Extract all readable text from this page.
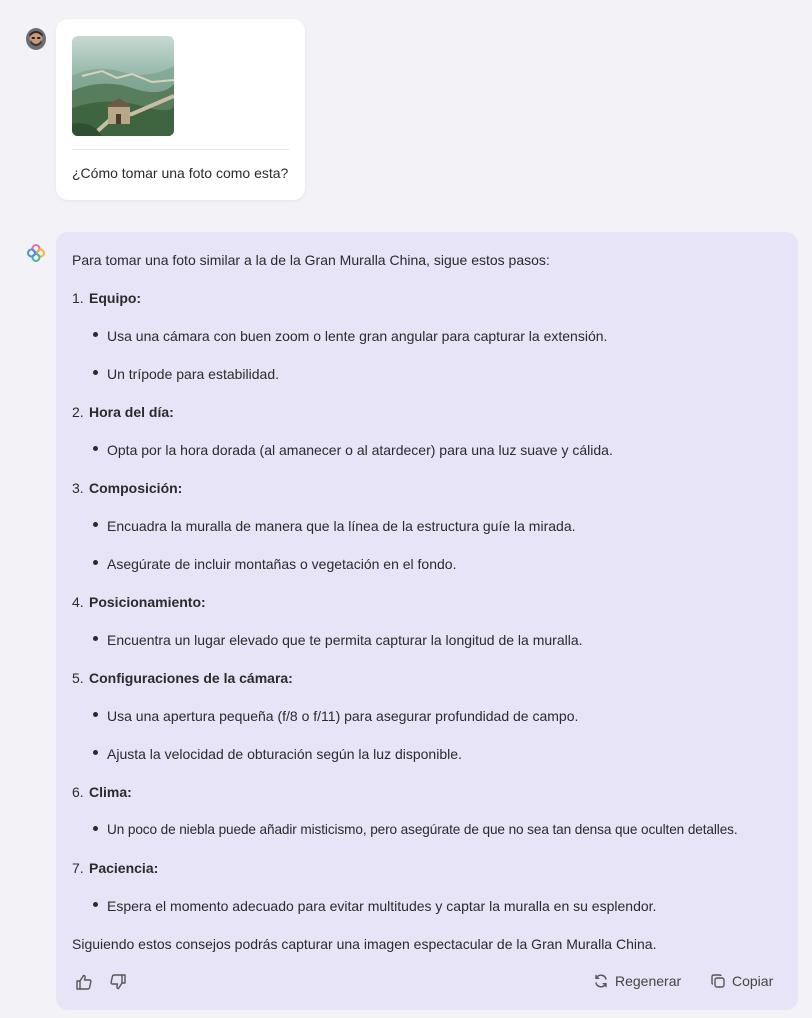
¿Cómo tomar una foto como esta?
Para tomar una foto similar a la de la Gran Muralla China, sigue estos pasos:
1. Equipo:
Usa una cámara con buen zoom o lente gran angular para capturar la extensión.
Un trípode para estabilidad.
2. Hora del día:
Opta por la hora dorada (al amanecer o al atardecer) para una luz suave y cálida.
3. Composición:
Encuadra la muralla de manera que la línea de la estructura guíe la mirada.
Asegúrate de incluir montañas o vegetación en el fondo.
4. Posicionamiento:
Encuentra un lugar elevado que te permita capturar la longitud de la muralla.
5. Configuraciones de la cámara:
Usa una apertura pequeña (f/8 o f/11) para asegurar profundidad de campo.
Ajusta la velocidad de obturación según la luz disponible.
6. Clima:
Un poco de niebla puede añadir misticismo, pero asegúrate de que no sea tan densa que oculten detalles.
7. Paciencia:
Espera el momento adecuado para evitar multitudes y captar la muralla en su esplendor.
Siguiendo estos consejos podrás capturar una imagen espectacular de la Gran Muralla China.
Regenerar	Copiar
